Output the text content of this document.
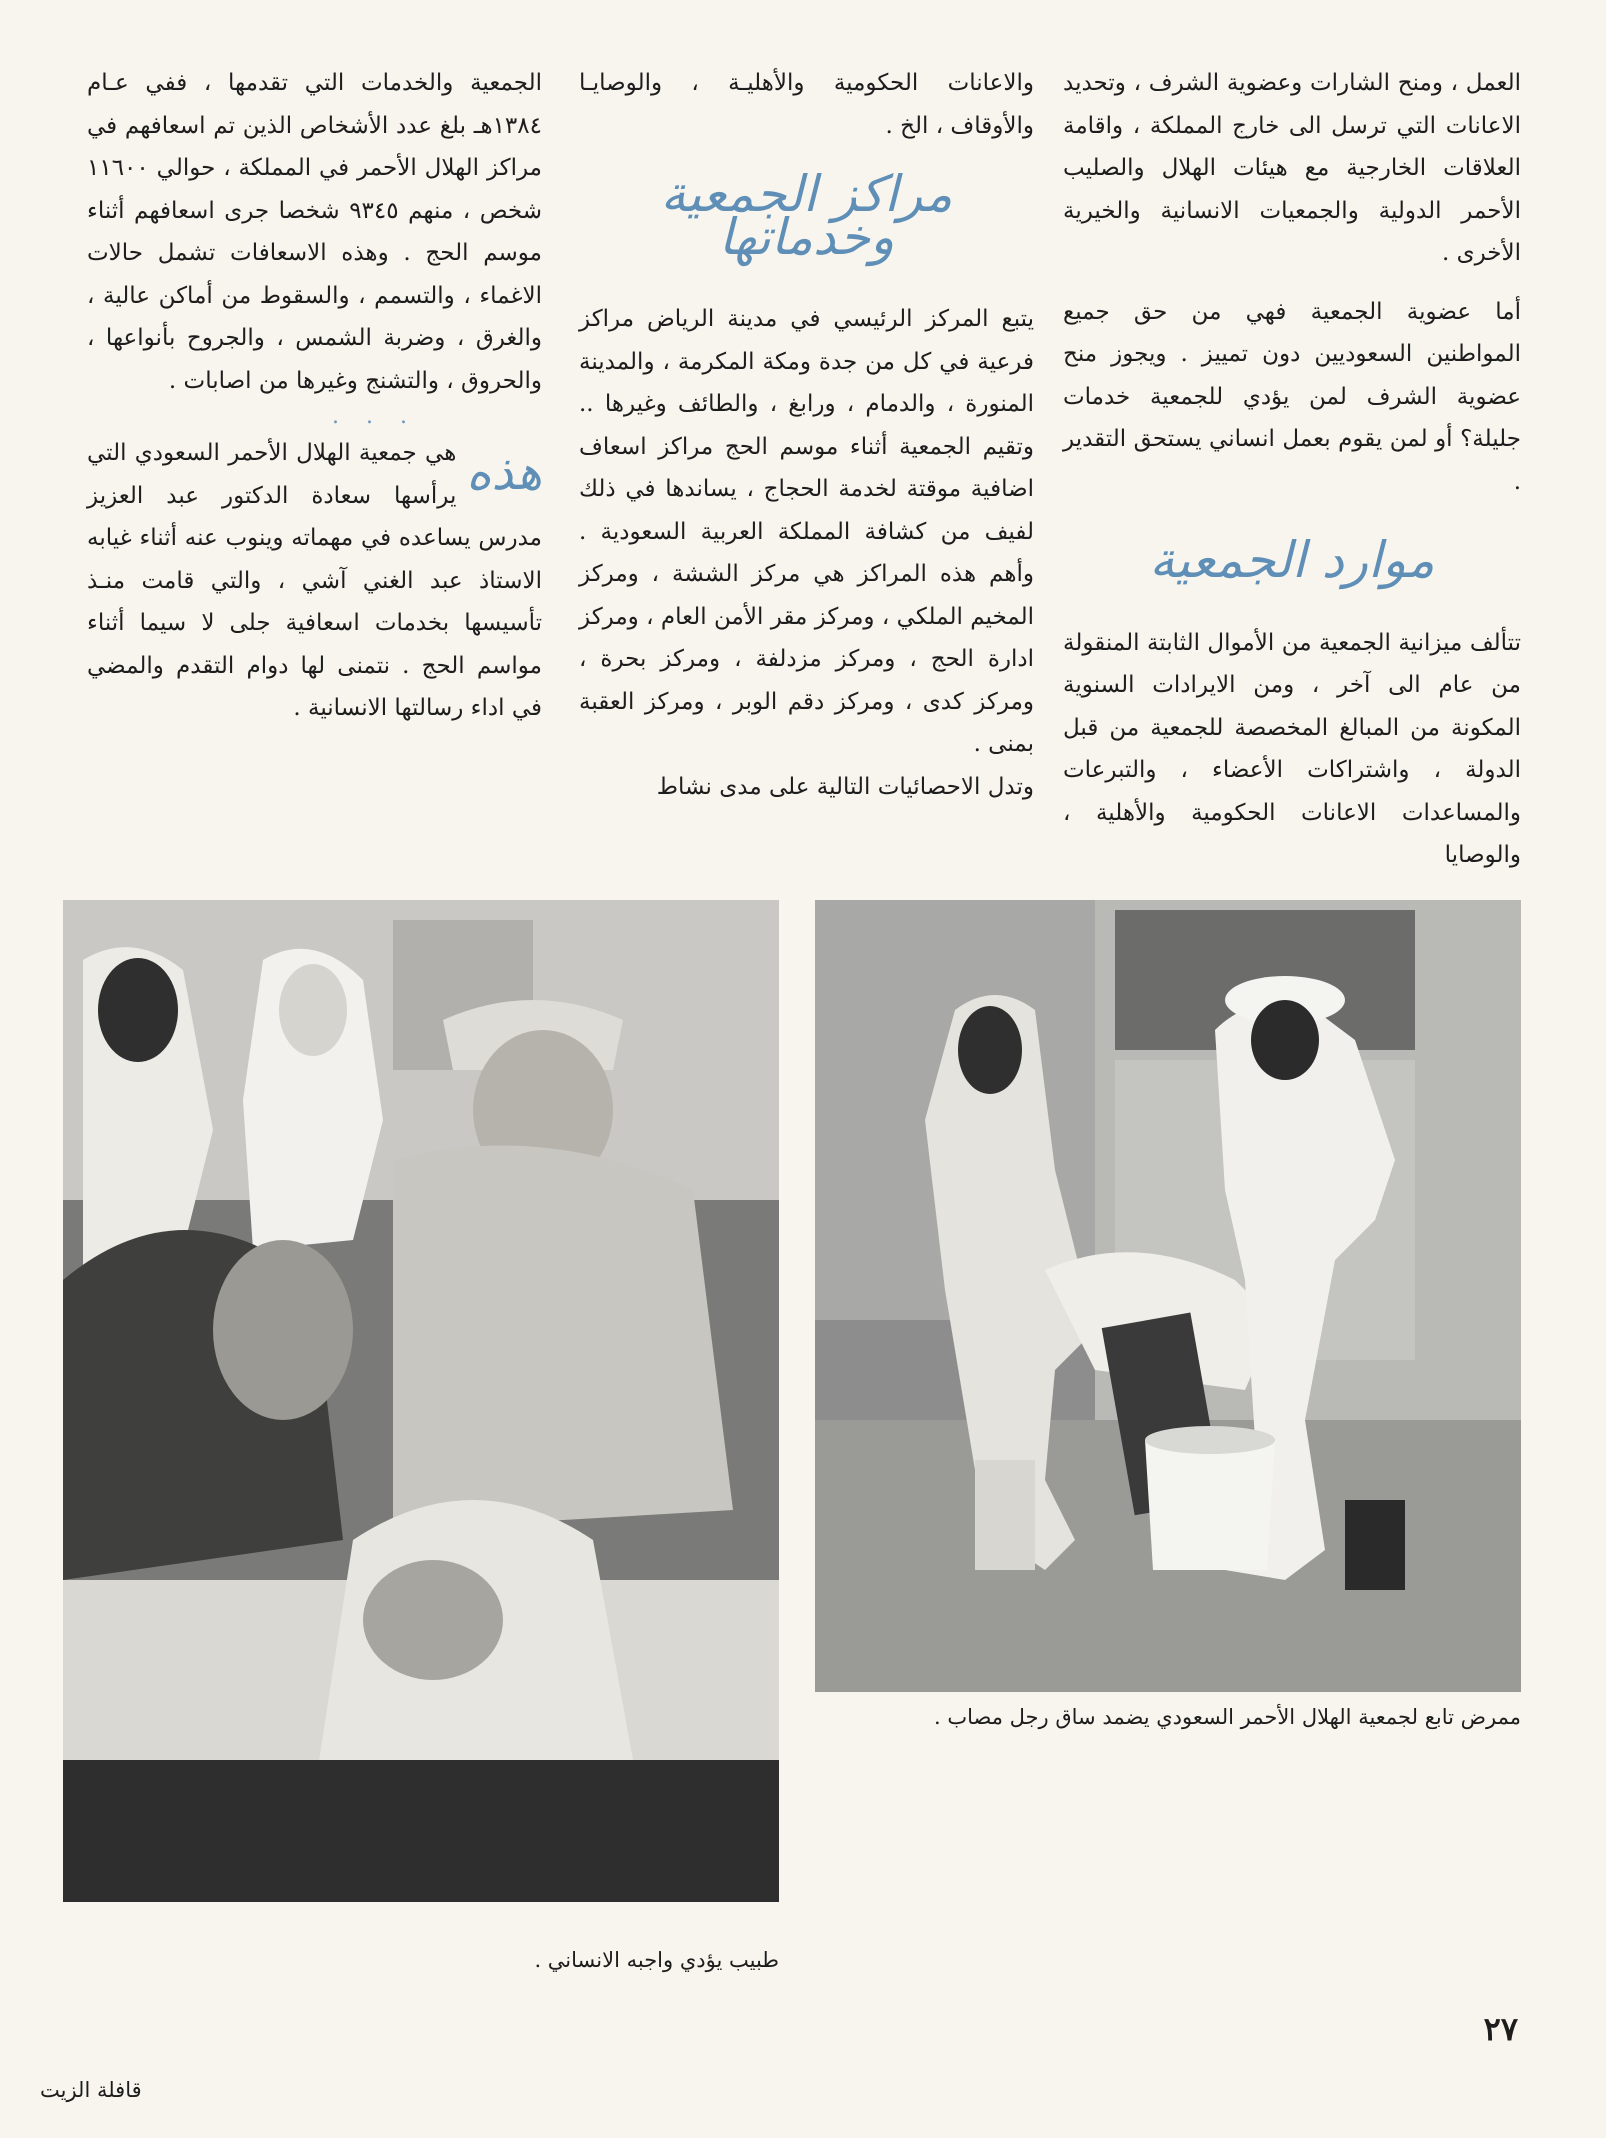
العمل ، ومنح الشارات وعضوية الشرف ، وتحديد الاعانات التي ترسل الى خارج المملكة ، واقامة العلاقات الخارجية مع هيئات الهلال والصليب الأحمر الدولية والجمعيات الانسانية والخيرية الأخرى .

أما عضوية الجمعية فهي من حق جميع المواطنين السعوديين دون تمييز . ويجوز منح عضوية الشرف لمن يؤدي للجمعية خدمات جليلة؟ أو لمن يقوم بعمل انساني يستحق التقدير .

موارد الجمعية

تتألف ميزانية الجمعية من الأموال الثابتة المنقولة من عام الى آخر ، ومن الايرادات السنوية المكونة من المبالغ المخصصة للجمعية من قبل الدولة ، واشتراكات الأعضاء ، والتبرعات والمساعدات الاعانات الحكومية والأهلية ، والوصايا

والاعانات الحكومية والأهليـة ، والوصايـا والأوقاف ، الخ .

مراكز الجمعية وخدماتها

يتبع المركز الرئيسي في مدينة الرياض مراكز فرعية في كل من جدة ومكة المكرمة ، والمدينة المنورة ، والدمام ، ورابغ ، والطائف وغيرها .. وتقيم الجمعية أثناء موسم الحج مراكز اسعاف اضافية موقتة لخدمة الحجاج ، يساندها في ذلك لفيف من كشافة المملكة العربية السعودية . وأهم هذه المراكز هي مركز الششة ، ومركز المخيم الملكي ، ومركز مقر الأمن العام ، ومركز ادارة الحج ، ومركز مزدلفة ، ومركز بحرة ، ومركز كدى ، ومركز دقم الوبر ، ومركز العقبة بمنى .

وتدل الاحصائيات التالية على مدى نشاط

الجمعية والخدمات التي تقدمها ، ففي عـام ١٣٨٤هـ بلغ عدد الأشخاص الذين تم اسعافهم في مراكز الهلال الأحمر في المملكة ، حوالي ١١٦٠٠ شخص ، منهم ٩٣٤٥ شخصا جرى اسعافهم أثناء موسم الحج . وهذه الاسعافات تشمل حالات الاغماء ، والتسمم ، والسقوط من أماكن عالية ، والغرق ، وضربة الشمس ، والجروح بأنواعها ، والحروق ، والتشنج وغيرها من اصابات .

. . .
هذه

هي جمعية الهلال الأحمر السعودي التي يرأسها سعادة الدكتور عبد العزيز مدرس يساعده في مهماته وينوب عنه أثناء غيابه الاستاذ عبد الغني آشي ، والتي قامت منـذ تأسيسها بخدمات اسعافية جلى لا سيما أثناء مواسم الحج . نتمنى لها دوام التقدم والمضي في اداء رسالتها الانسانية .

ممرض تابع لجمعية الهلال الأحمر السعودي يضمد ساق رجل مصاب .
طبيب يؤدي واجبه الانساني .
٢٧
قافلة الزيت
